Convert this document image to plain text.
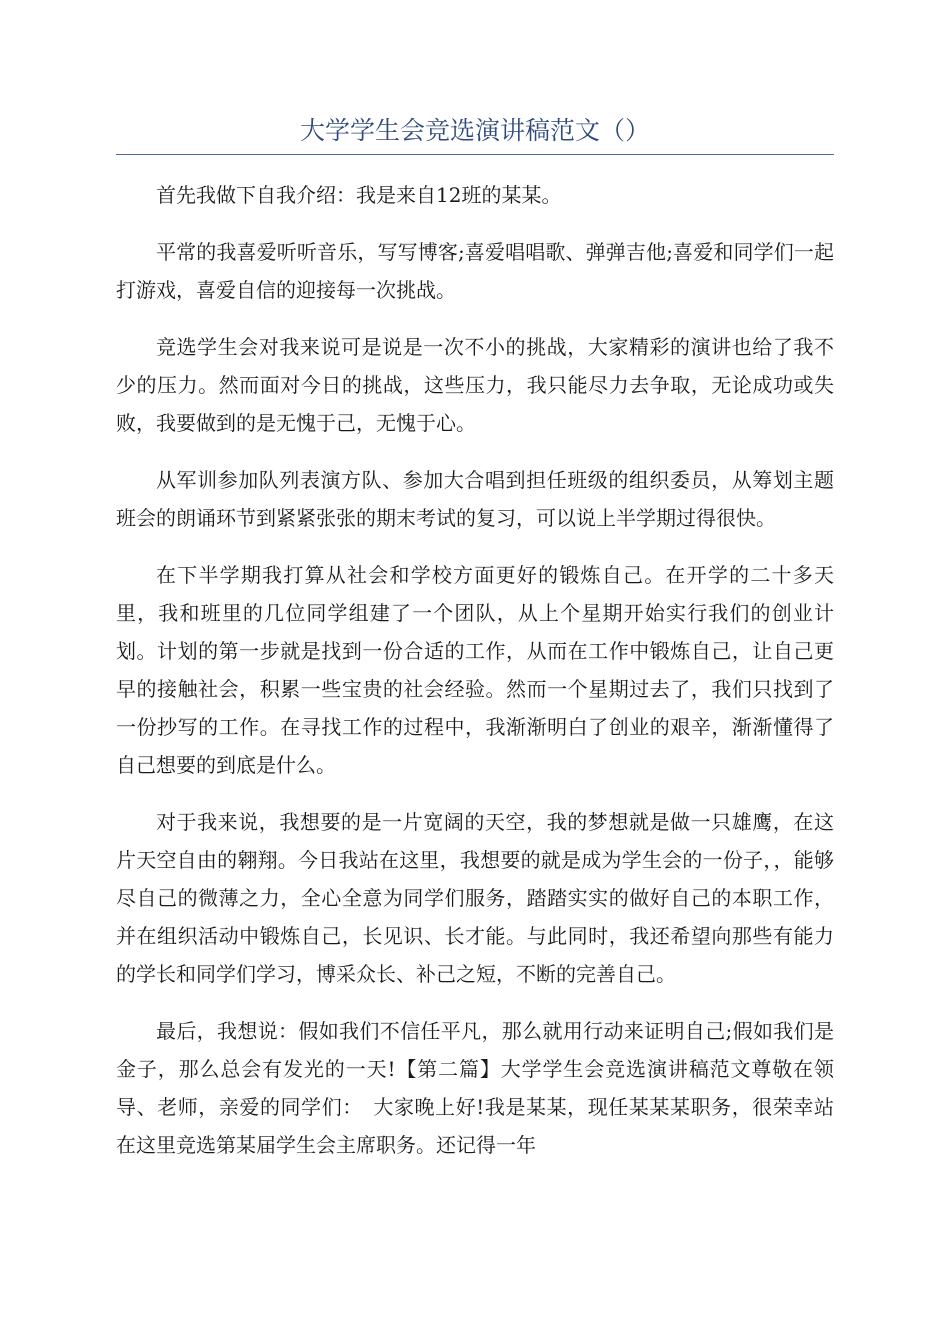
大学学生会竞选演讲稿范文（）

首先我做下自我介绍：我是来自12班的某某。

平常的我喜爱听听音乐，写写博客;喜爱唱唱歌、弹弹吉他;喜爱和同学们一起打游戏，喜爱自信的迎接每一次挑战。

竞选学生会对我来说可是说是一次不小的挑战，大家精彩的演讲也给了我不少的压力。然而面对今日的挑战，这些压力，我只能尽力去争取，无论成功或失败，我要做到的是无愧于己，无愧于心。

从军训参加队列表演方队、参加大合唱到担任班级的组织委员，从筹划主题班会的朗诵环节到紧紧张张的期末考试的复习，可以说上半学期过得很快。

在下半学期我打算从社会和学校方面更好的锻炼自己。在开学的二十多天里，我和班里的几位同学组建了一个团队，从上个星期开始实行我们的创业计划。计划的第一步就是找到一份合适的工作，从而在工作中锻炼自己，让自己更早的接触社会，积累一些宝贵的社会经验。然而一个星期过去了，我们只找到了一份抄写的工作。在寻找工作的过程中，我渐渐明白了创业的艰辛，渐渐懂得了自己想要的到底是什么。

对于我来说，我想要的是一片宽阔的天空，我的梦想就是做一只雄鹰，在这片天空自由的翱翔。今日我站在这里，我想要的就是成为学生会的一份子，，能够尽自己的微薄之力，全心全意为同学们服务，踏踏实实的做好自己的本职工作，并在组织活动中锻炼自己，长见识、长才能。与此同时，我还希望向那些有能力的学长和同学们学习，博采众长、补己之短，不断的完善自己。

最后，我想说：假如我们不信任平凡，那么就用行动来证明自己;假如我们是金子，那么总会有发光的一天!【第二篇】大学学生会竞选演讲稿范文尊敬在领导、老师，亲爱的同学们：　大家晚上好!我是某某，现任某某某职务，很荣幸站在这里竞选第某届学生会主席职务。还记得一年
